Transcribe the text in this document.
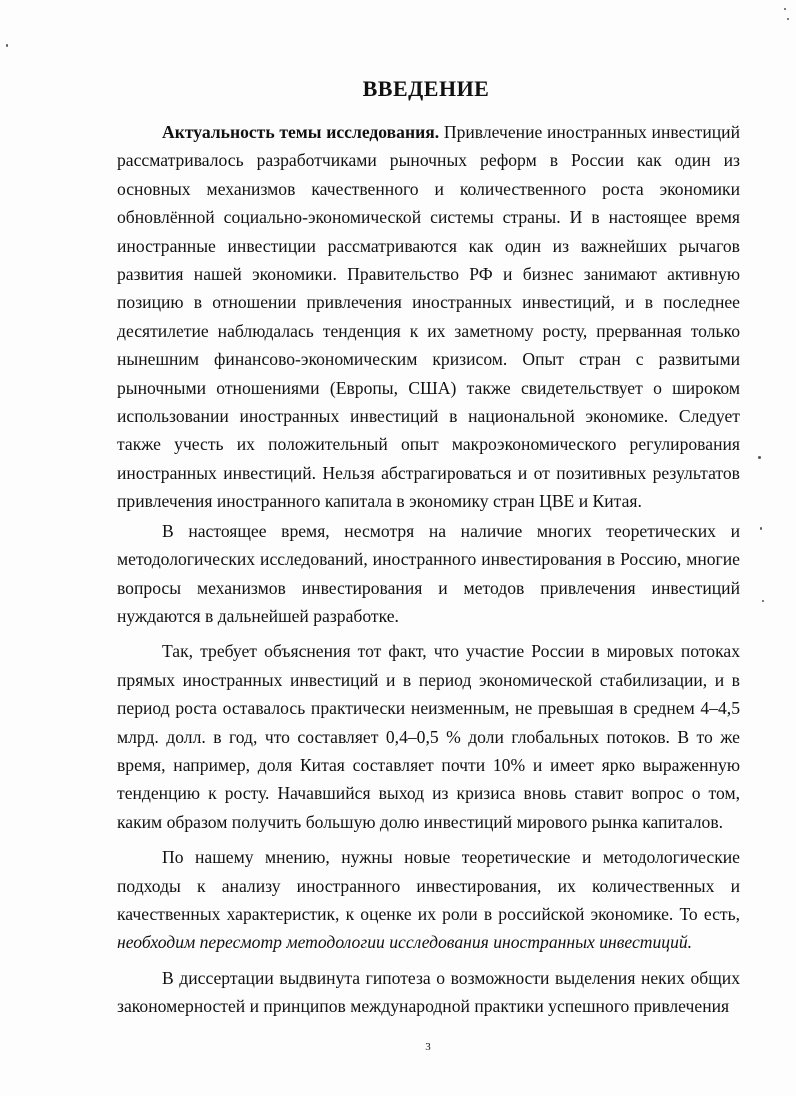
ВВЕДЕНИЕ

Актуальность темы исследования. Привлечение иностранных инвестиций рассматривалось разработчиками рыночных реформ в России как один из основных механизмов качественного и количественного роста экономики обновлённой социально-экономической системы страны. И в настоящее время иностранные инвестиции рассматриваются как один из важнейших рычагов развития нашей экономики. Правительство РФ и бизнес занимают активную позицию в отношении привлечения иностранных инвестиций, и в последнее десятилетие наблюдалась тенденция к их заметному росту, прерванная только нынешним финансово-экономическим кризисом. Опыт стран с развитыми рыночными отношениями (Европы, США) также свидетельствует о широком использовании иностранных инвестиций в национальной экономике. Следует также учесть их положительный опыт макроэкономического регулирования иностранных инвестиций. Нельзя абстрагироваться и от позитивных результатов привлечения иностранного капитала в экономику стран ЦВЕ и Китая.

В настоящее время, несмотря на наличие многих теоретических и методологических исследований, иностранного инвестирования в Россию, многие вопросы механизмов инвестирования и методов привлечения инвестиций нуждаются в дальнейшей разработке.

Так, требует объяснения тот факт, что участие России в мировых потоках прямых иностранных инвестиций и в период экономической стабилизации, и в период роста оставалось практически неизменным, не превышая в среднем 4–4,5 млрд. долл. в год, что составляет 0,4–0,5 % доли глобальных потоков. В то же время, например, доля Китая составляет почти 10% и имеет ярко выраженную тенденцию к росту. Начавшийся выход из кризиса вновь ставит вопрос о том, каким образом получить большую долю инвестиций мирового рынка капиталов.

По нашему мнению, нужны новые теоретические и методологические подходы к анализу иностранного инвестирования, их количественных и качественных характеристик, к оценке их роли в российской экономике. То есть, необходим пересмотр методологии исследования иностранных инвестиций.

В диссертации выдвинута гипотеза о возможности выделения неких общих закономерностей и принципов международной практики успешного привлечения

3
